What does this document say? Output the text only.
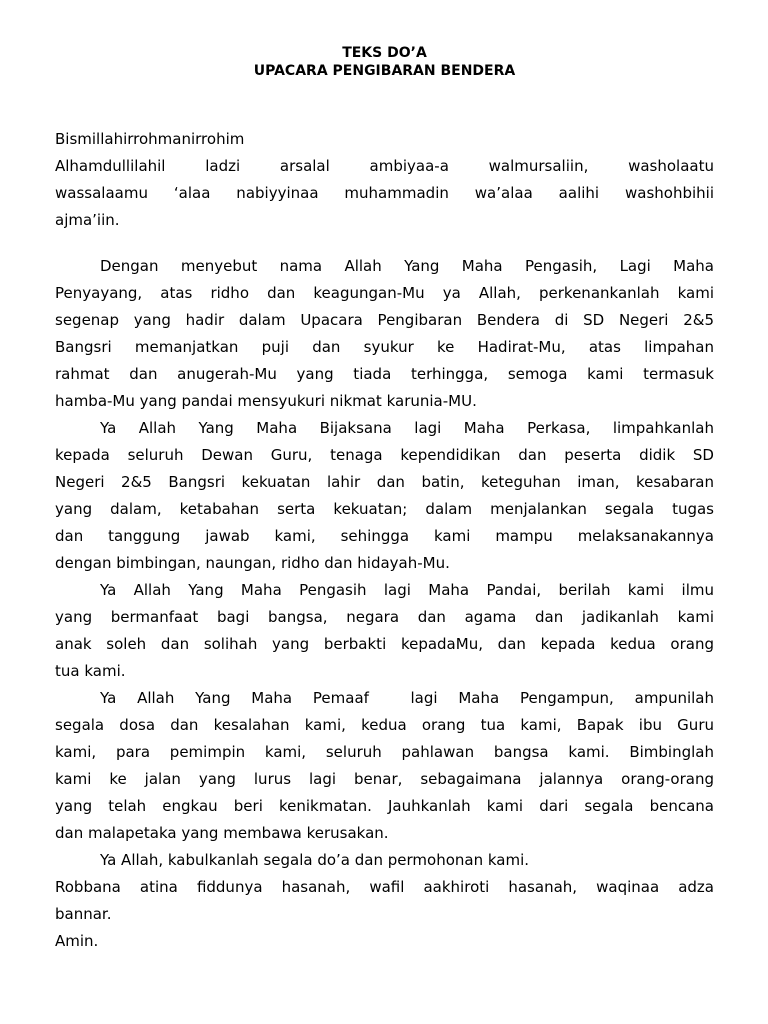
TEKS DO’A

UPACARA PENGIBARAN BENDERA

Bismillahirrohmanirrohim

Alhamdullilahil ladzi arsalal ambiyaa-a walmursaliin, washolaatu

wassalaamu ‘alaa nabiyyinaa muhammadin wa’alaa aalihi washohbihii

ajma’iin.

Dengan menyebut nama Allah Yang Maha Pengasih, Lagi Maha

Penyayang, atas ridho dan keagungan-Mu ya Allah, perkenankanlah kami

segenap yang hadir dalam Upacara Pengibaran Bendera di SD Negeri 2&5

Bangsri memanjatkan puji dan syukur ke Hadirat-Mu, atas limpahan

rahmat dan anugerah-Mu yang tiada terhingga, semoga kami termasuk

hamba-Mu yang pandai mensyukuri nikmat karunia-MU.

Ya Allah Yang Maha Bijaksana lagi Maha Perkasa, limpahkanlah

kepada seluruh Dewan Guru, tenaga kependidikan dan peserta didik SD

Negeri 2&5 Bangsri kekuatan lahir dan batin, keteguhan iman, kesabaran

yang dalam, ketabahan serta kekuatan; dalam menjalankan segala tugas

dan tanggung jawab kami, sehingga kami mampu melaksanakannya

dengan bimbingan, naungan, ridho dan hidayah-Mu.

Ya Allah Yang Maha Pengasih lagi Maha Pandai, berilah kami ilmu

yang bermanfaat bagi bangsa, negara dan agama dan jadikanlah kami

anak soleh dan solihah yang berbakti kepadaMu, dan kepada kedua orang

tua kami.

Ya Allah Yang Maha Pemaaf  lagi Maha Pengampun, ampunilah

segala dosa dan kesalahan kami, kedua orang tua kami, Bapak ibu Guru

kami, para pemimpin kami, seluruh pahlawan bangsa kami. Bimbinglah

kami ke jalan yang lurus lagi benar, sebagaimana jalannya orang-orang

yang telah engkau beri kenikmatan. Jauhkanlah kami dari segala bencana

dan malapetaka yang membawa kerusakan.

Ya Allah, kabulkanlah segala do’a dan permohonan kami.

Robbana atina fiddunya hasanah, wafil aakhiroti hasanah, waqinaa adza

bannar.

Amin.
